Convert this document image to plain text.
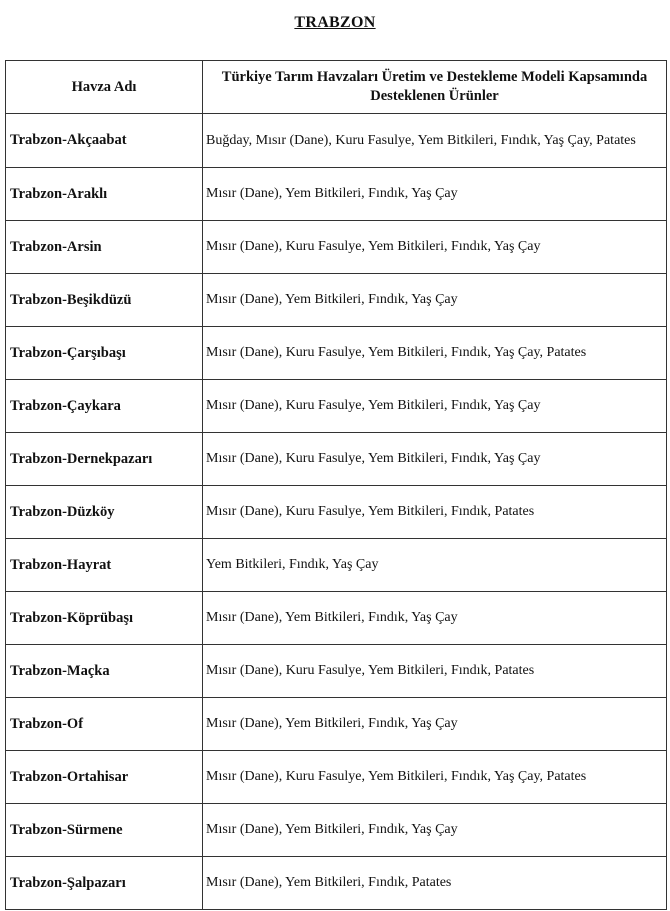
TRABZON
Havza Adı	Türkiye Tarım Havzaları Üretim ve Destekleme Modeli Kapsamında Desteklenen Ürünler
Trabzon-Akçaabat	Buğday, Mısır (Dane), Kuru Fasulye, Yem Bitkileri, Fındık, Yaş Çay, Patates
Trabzon-Araklı	Mısır (Dane), Yem Bitkileri, Fındık, Yaş Çay
Trabzon-Arsin	Mısır (Dane), Kuru Fasulye, Yem Bitkileri, Fındık, Yaş Çay
Trabzon-Beşikdüzü	Mısır (Dane), Yem Bitkileri, Fındık, Yaş Çay
Trabzon-Çarşıbaşı	Mısır (Dane), Kuru Fasulye, Yem Bitkileri, Fındık, Yaş Çay, Patates
Trabzon-Çaykara	Mısır (Dane), Kuru Fasulye, Yem Bitkileri, Fındık, Yaş Çay
Trabzon-Dernekpazarı	Mısır (Dane), Kuru Fasulye, Yem Bitkileri, Fındık, Yaş Çay
Trabzon-Düzköy	Mısır (Dane), Kuru Fasulye, Yem Bitkileri, Fındık, Patates
Trabzon-Hayrat	Yem Bitkileri, Fındık, Yaş Çay
Trabzon-Köprübaşı	Mısır (Dane), Yem Bitkileri, Fındık, Yaş Çay
Trabzon-Maçka	Mısır (Dane), Kuru Fasulye, Yem Bitkileri, Fındık, Patates
Trabzon-Of	Mısır (Dane), Yem Bitkileri, Fındık, Yaş Çay
Trabzon-Ortahisar	Mısır (Dane), Kuru Fasulye, Yem Bitkileri, Fındık, Yaş Çay, Patates
Trabzon-Sürmene	Mısır (Dane), Yem Bitkileri, Fındık, Yaş Çay
Trabzon-Şalpazarı	Mısır (Dane), Yem Bitkileri, Fındık, Patates
